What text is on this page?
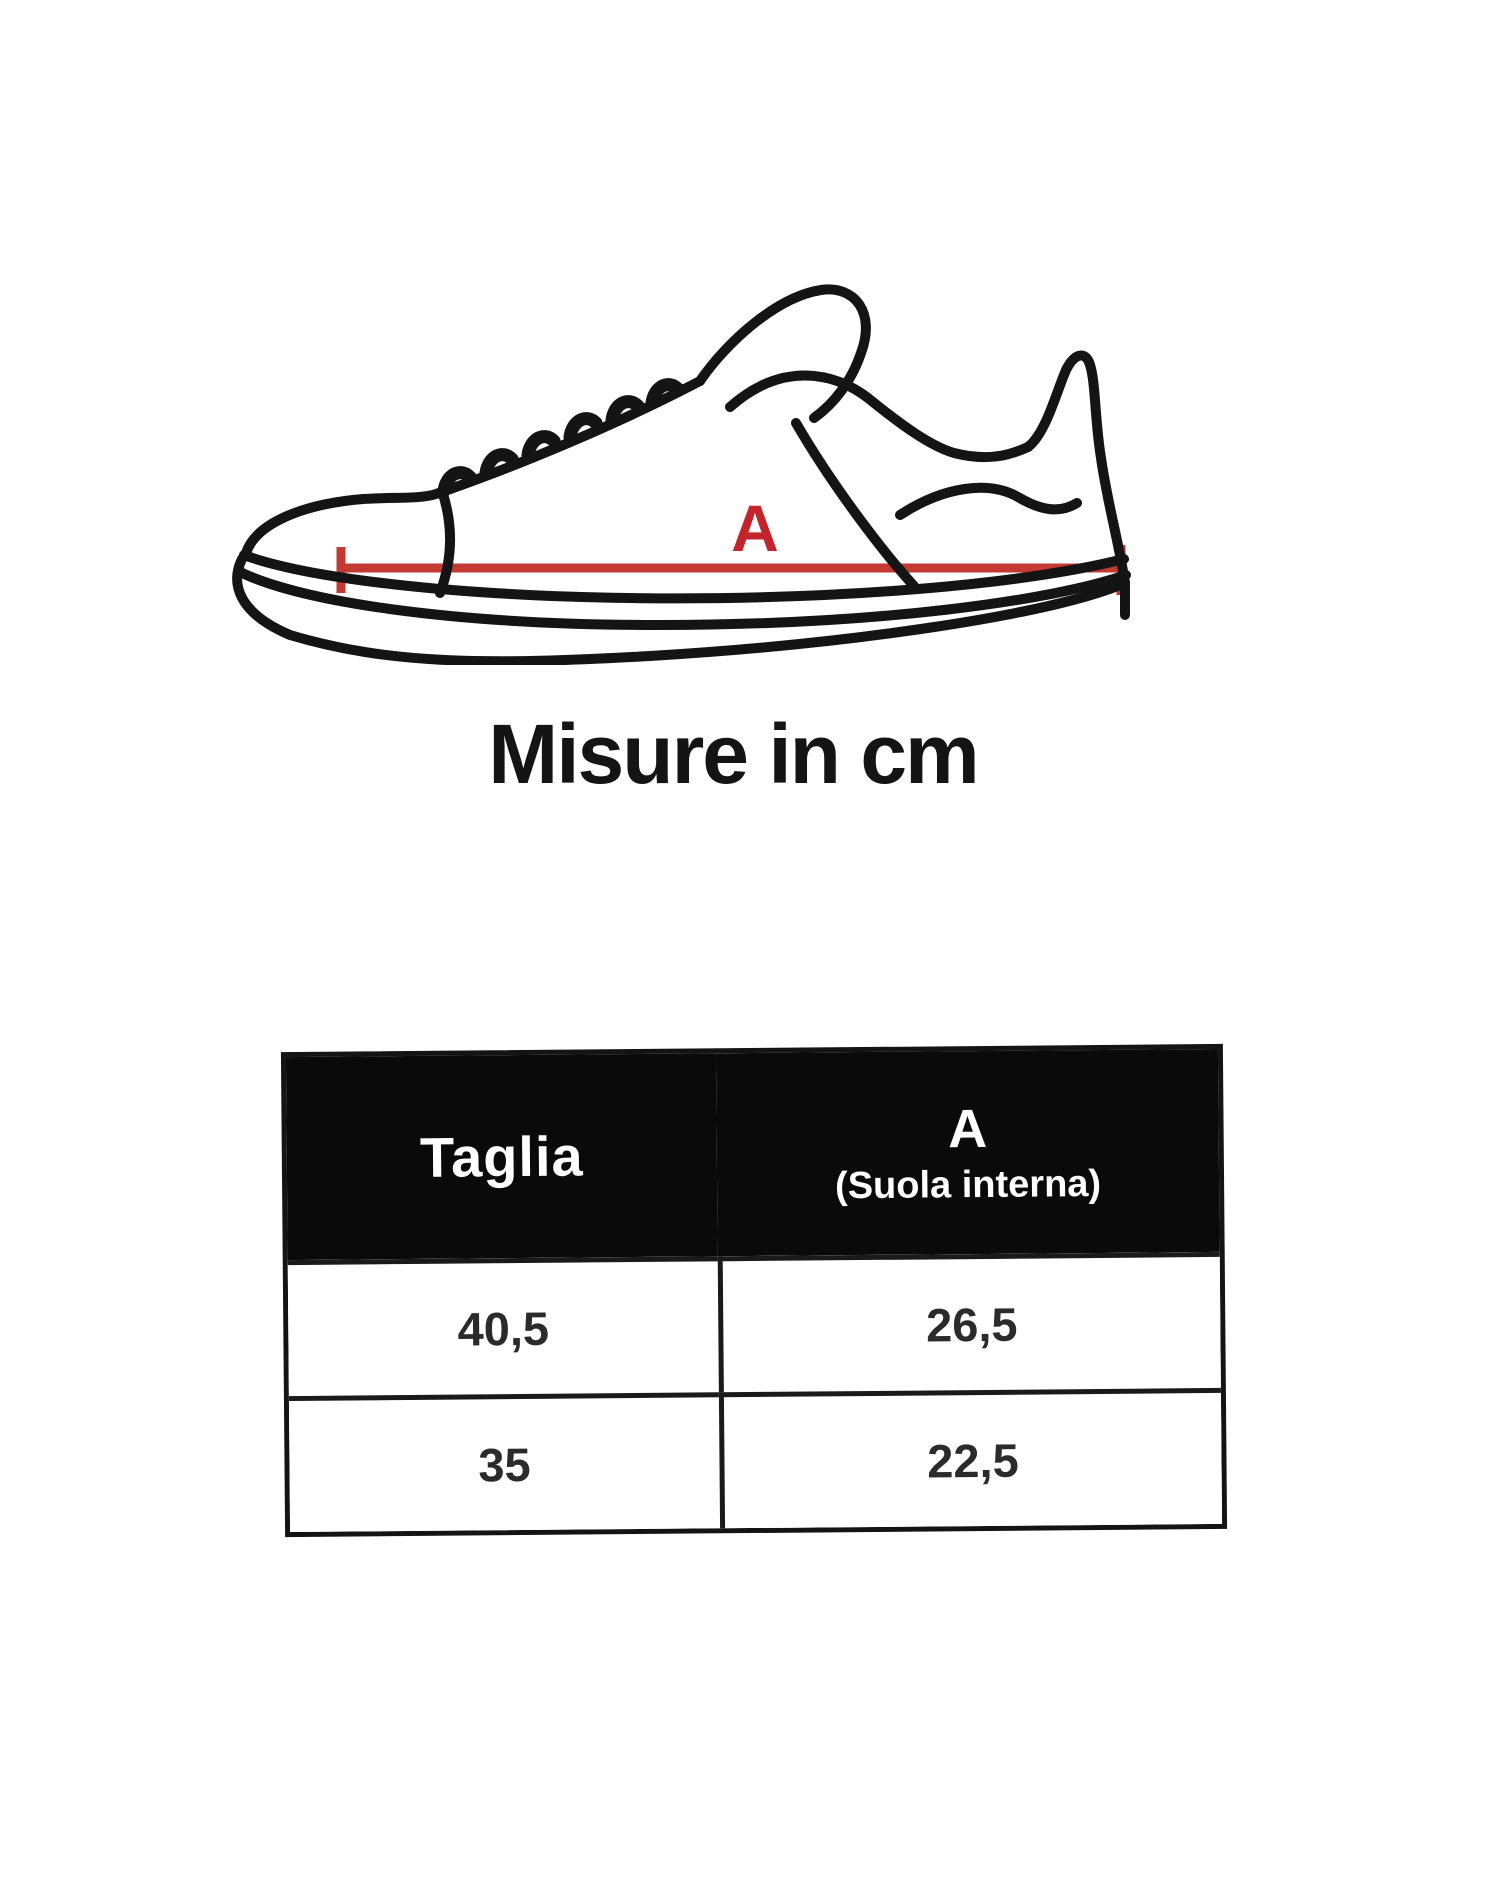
A
Misure in cm
Taglia	A
(Suola interna)
40,5	26,5
35	22,5
